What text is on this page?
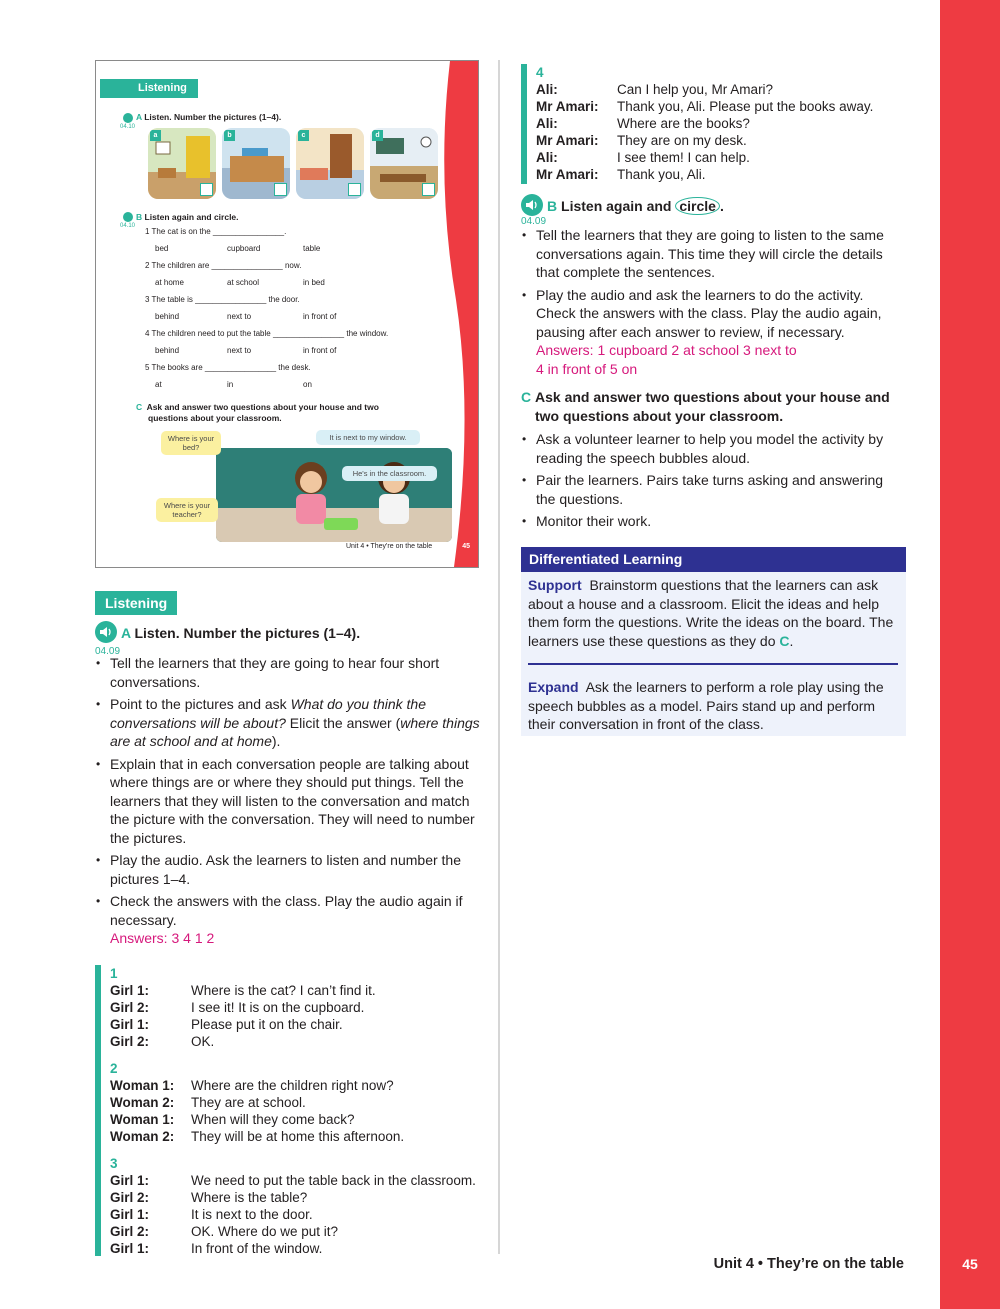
45
Unit 4 • They’re on the table
Listening
04.10
A Listen. Number the pictures (1–4).
a	b	c	d
04.10
B Listen again and circle.
1 The cat is on the ________________.
bed	cupboard	table
2 The children are ________________ now.
at home	at school	in bed
3 The table is ________________ the door.
behind	next to	in front of
4 The children need to put the table ________________ the window.
behind	next to	in front of
5 The books are ________________ the desk.
at	in	on
C Ask and answer two questions about your house and two
questions about your classroom.
Where is your bed?
It is next to my window.
He's in the classroom.
Where is your teacher?
Unit 4 • They're on the table	45
Listening
A Listen. Number the pictures (1–4).
04.09
• Tell the learners that they are going to hear four short conversations.
• Point to the pictures and ask What do you think the conversations will be about? Elicit the answer (where things are at school and at home).
• Explain that in each conversation people are talking about where things are or where they should put things. Tell the learners that they will listen to the conversation and match the picture with the conversation. They will need to number the pictures.
• Play the audio. Ask the learners to listen and number the pictures 1–4.
• Check the answers with the class. Play the audio again if necessary.
Answers: 3 4 1 2
1
Girl 1:	Where is the cat? I can’t find it.
Girl 2:	I see it! It is on the cupboard.
Girl 1:	Please put it on the chair.
Girl 2:	OK.
2
Woman 1:	Where are the children right now?
Woman 2:	They are at school.
Woman 1:	When will they come back?
Woman 2:	They will be at home this afternoon.
3
Girl 1:	We need to put the table back in the classroom.
Girl 2:	Where is the table?
Girl 1:	It is next to the door.
Girl 2:	OK. Where do we put it?
Girl 1:	In front of the window.
4
Ali:	Can I help you, Mr Amari?
Mr Amari:	Thank you, Ali. Please put the books away.
Ali:	Where are the books?
Mr Amari:	They are on my desk.
Ali:	I see them! I can help.
Mr Amari:	Thank you, Ali.
B Listen again and circle .
04.09
• Tell the learners that they are going to listen to the same conversations again. This time they will circle the details that complete the sentences.
• Play the audio and ask the learners to do the activity. Check the answers with the class. Play the audio again, pausing after each answer to review, if necessary.
Answers: 1 cupboard 2 at school 3 next to
4 in front of 5 on
C Ask and answer two questions about your house and two questions about your classroom.
• Ask a volunteer learner to help you model the activity by reading the speech bubbles aloud.
• Pair the learners. Pairs take turns asking and answering the questions.
• Monitor their work.
Differentiated Learning
Support Brainstorm questions that the learners can ask about a house and a classroom. Elicit the ideas and help them form the questions. Write the ideas on the board. The learners use these questions as they do C.
Expand Ask the learners to perform a role play using the speech bubbles as a model. Pairs stand up and perform their conversation in front of the class.
